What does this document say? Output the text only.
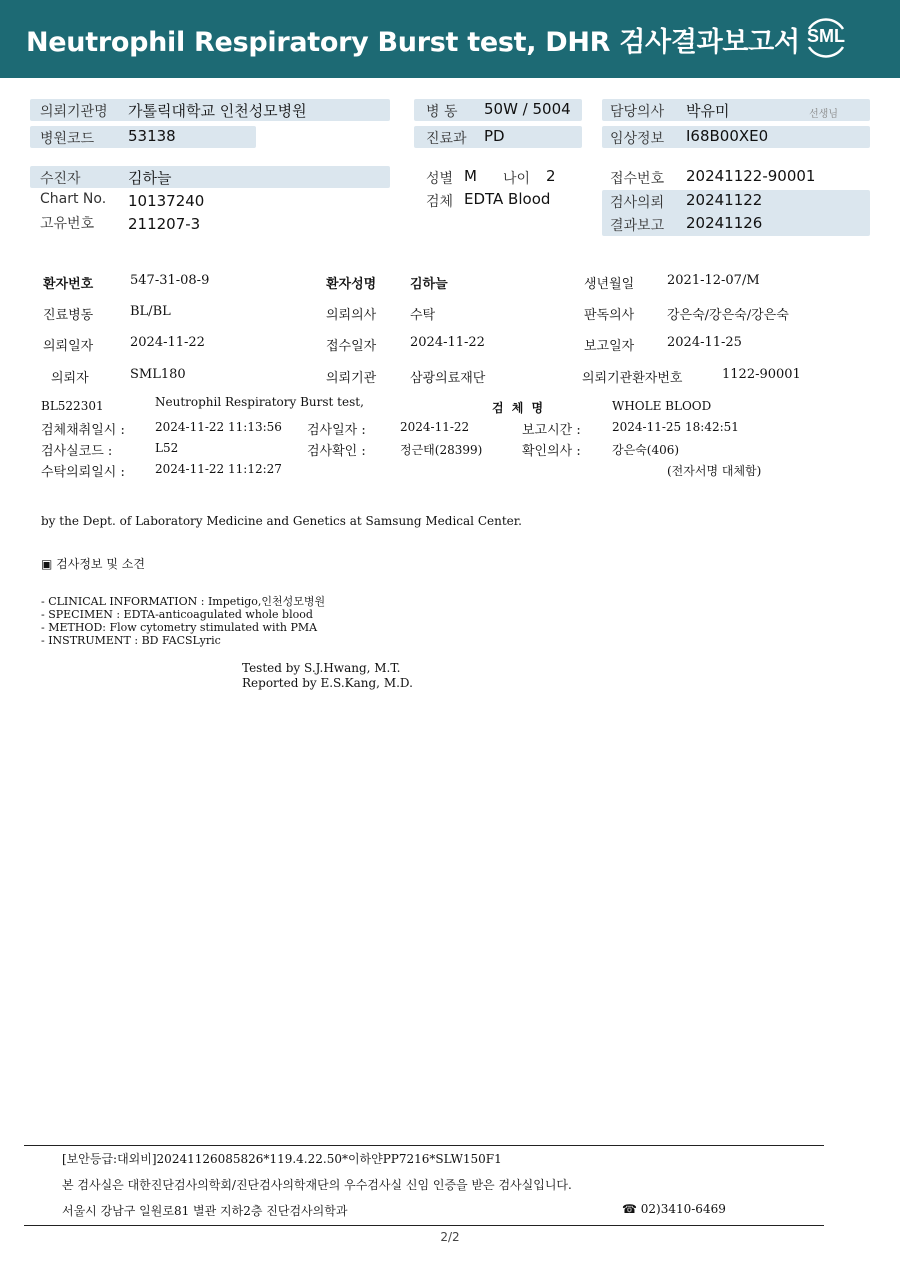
Neutrophil Respiratory Burst test, DHR 검사결과보고서 SML
의뢰기관명 가톨릭대학교 인천성모병원
병원코드 53138
수진자	김하늘
Chart No. 10137240
고유번호 211207-3
병 동 50W / 5004
진료과 PD
성별 M 나이 2
검체 EDTA Blood
담당의사 박유미	선생님
임상정보 I68B00XE0
접수번호 20241122-90001
검사의뢰 20241122
결과보고 20241126
환자번호	547-31-08-9	환자성명	김하늘	생년월일	2021-12-07/M
진료병동	BL/BL	의뢰의사	수탁	판독의사	강은숙/강은숙/강은숙
의뢰일자	2024-11-22	접수일자	2024-11-22	보고일자	2024-11-25
의뢰자	SML180	의뢰기관	삼광의료재단	의뢰기관환자번호	1122-90001
BL522301	Neutrophil Respiratory Burst test,	검 체 명	WHOLE BLOOD
검체채취일시 :	2024-11-22 11:13:56 검사일자 :	2024-11-22	보고시간 :	2024-11-25 18:42:51
검사실코드 :	L52	검사확인 :	정근태(28399)	확인의사 :	강은숙(406)
수탁의뢰일시 :	2024-11-22 11:12:27	(전자서명 대체함)
by the Dept. of Laboratory Medicine and Genetics at Samsung Medical Center.
▣ 검사정보 및 소견
- CLINICAL INFORMATION : Impetigo,인천성모병원
- SPECIMEN : EDTA-anticoagulated whole blood
- METHOD: Flow cytometry stimulated with PMA
- INSTRUMENT : BD FACSLyric
Tested by S.J.Hwang, M.T.
Reported by E.S.Kang, M.D.
[보안등급:대외비]20241126085826*119.4.22.50*이하얀PP7216*SLW150F1
본 검사실은 대한진단검사의학회/진단검사의학재단의 우수검사실 신임 인증을 받은 검사실입니다.
서울시 강남구 일원로81 별관 지하2층 진단검사의학과	☎ 02)3410-6469
2/2
